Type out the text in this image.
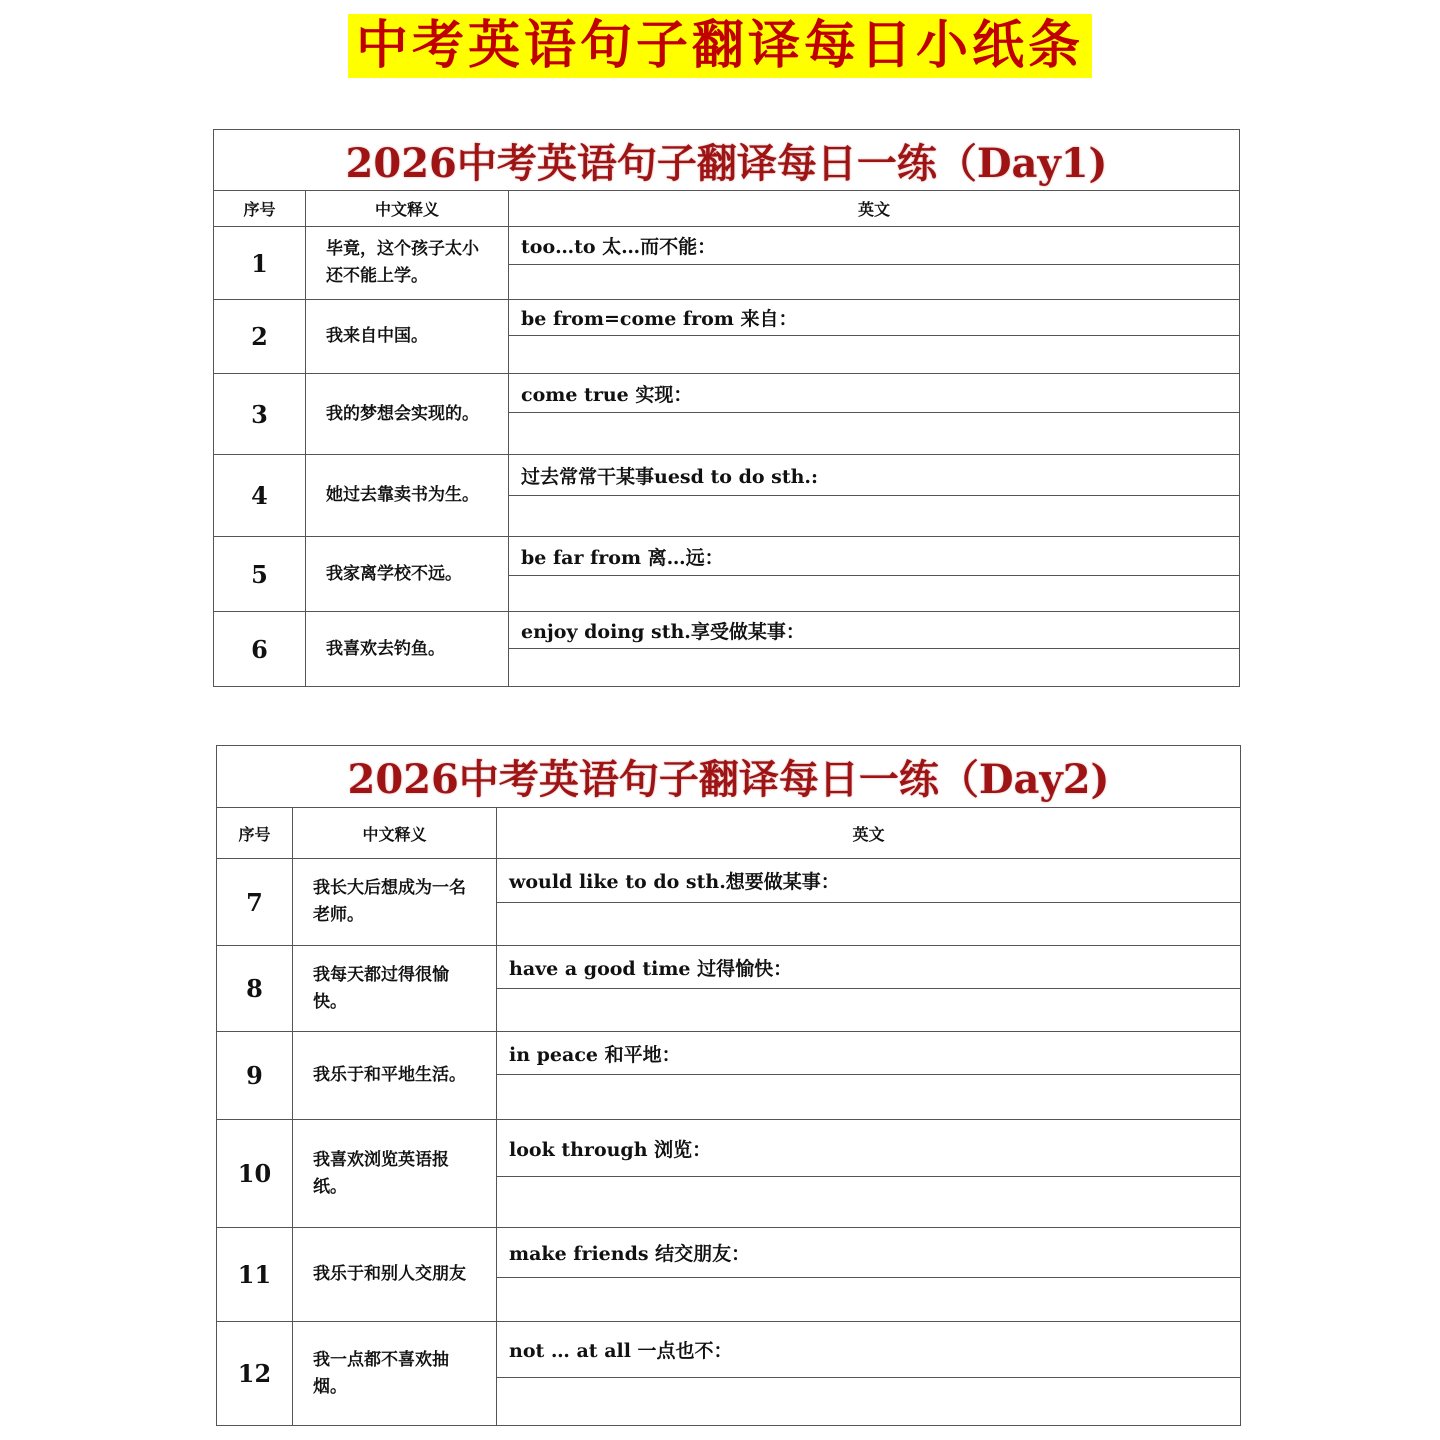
中考英语句子翻译每日小纸条
2026中考英语句子翻译每日一练（Day1)		
序号	中文释义	英文
1	毕竟，这个孩子太小还不能上学。	too…to 太…而不能：

2	我来自中国。	be from=come from 来自：

3	我的梦想会实现的。	come true 实现：

4	她过去靠卖书为生。	过去常常干某事uesd to do sth.:

5	我家离学校不远。	be far from 离…远：

6	我喜欢去钓鱼。	enjoy doing sth.享受做某事：

2026中考英语句子翻译每日一练（Day2)		
序号	中文释义	英文
7	我长大后想成为一名老师。	would like to do sth.想要做某事：

8	我每天都过得很愉快。	have a good time 过得愉快：

9	我乐于和平地生活。	in peace 和平地：

10	我喜欢浏览英语报纸。	look through 浏览：

11	我乐于和别人交朋友	make friends 结交朋友：

12	我一点都不喜欢抽烟。	not … at all 一点也不：
